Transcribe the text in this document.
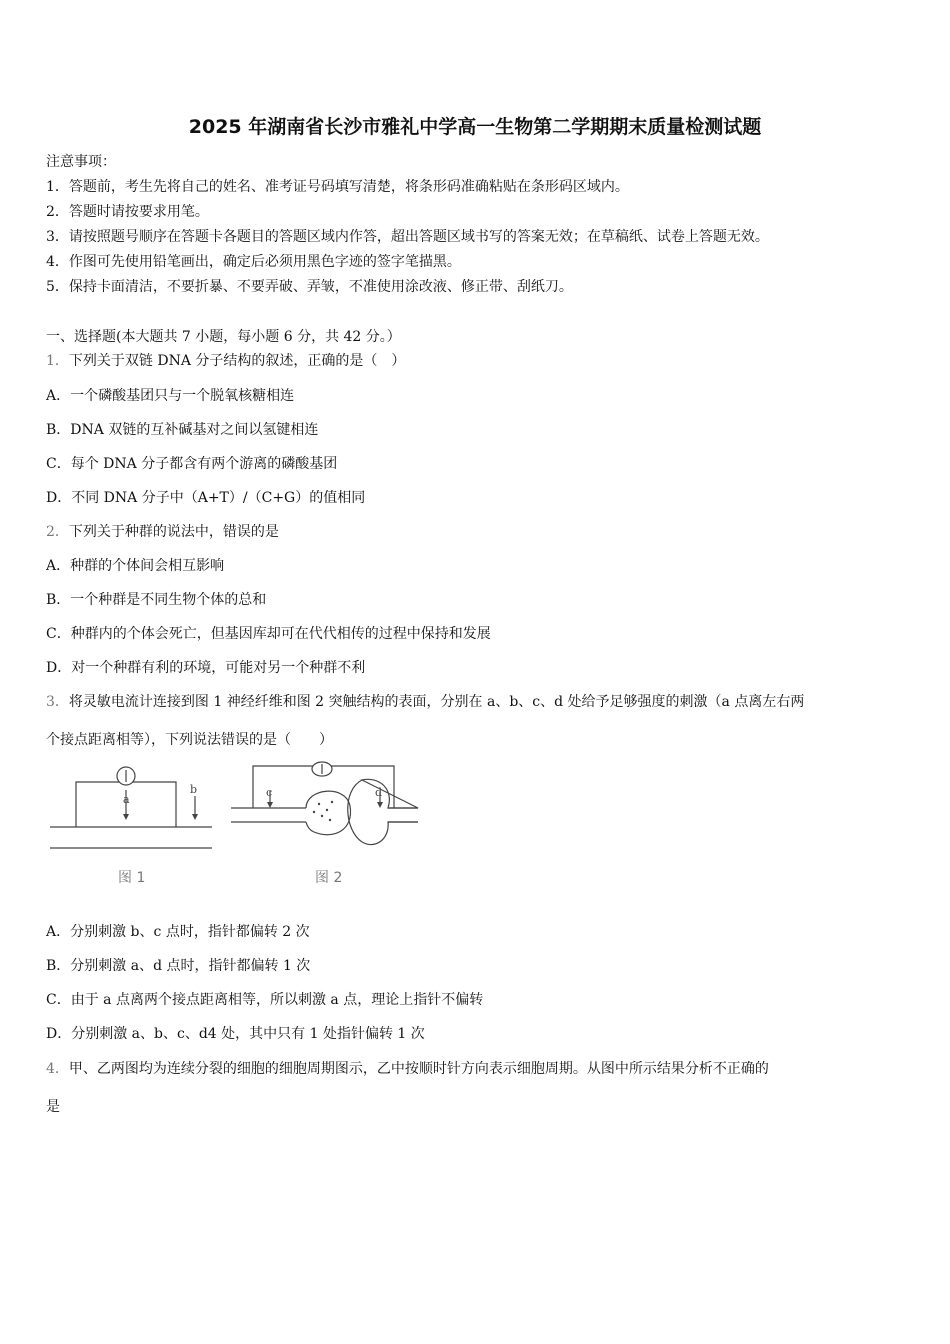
2025 年湖南省长沙市雅礼中学高一生物第二学期期末质量检测试题
注意事项：
1．答题前，考生先将自己的姓名、准考证号码填写清楚，将条形码准确粘贴在条形码区域内。
2．答题时请按要求用笔。
3．请按照题号顺序在答题卡各题目的答题区域内作答，超出答题区域书写的答案无效；在草稿纸、试卷上答题无效。
4．作图可先使用铅笔画出，确定后必须用黑色字迹的签字笔描黑。
5．保持卡面清洁，不要折暴、不要弄破、弄皱，不准使用涂改液、修正带、刮纸刀。
一、选择题(本大题共 7 小题，每小题 6 分，共 42 分。）
1．下列关于双链 DNA 分子结构的叙述，正确的是（　）
A．一个磷酸基团只与一个脱氧核糖相连
B．DNA 双链的互补碱基对之间以氢键相连
C．每个 DNA 分子都含有两个游离的磷酸基团
D．不同 DNA 分子中（A+T）/（C+G）的值相同
2．下列关于种群的说法中，错误的是
A．种群的个体间会相互影响
B．一个种群是不同生物个体的总和
C．种群内的个体会死亡，但基因库却可在代代相传的过程中保持和发展
D．对一个种群有利的环境，可能对另一个种群不利
3．将灵敏电流计连接到图 1 神经纤维和图 2 突触结构的表面，分别在 a、b、c、d 处给予足够强度的刺激（a 点离左右两
个接点距离相等），下列说法错误的是（　　）
a
b	c	d
图 1	图 2
A．分别刺激 b、c 点时，指针都偏转 2 次
B．分别刺激 a、d 点时，指针都偏转 1 次
C．由于 a 点离两个接点距离相等，所以刺激 a 点，理论上指针不偏转
D．分别刺激 a、b、c、d4 处，其中只有 1 处指针偏转 1 次
4．甲、乙两图均为连续分裂的细胞的细胞周期图示，乙中按顺时针方向表示细胞周期。从图中所示结果分析不正确的
是
